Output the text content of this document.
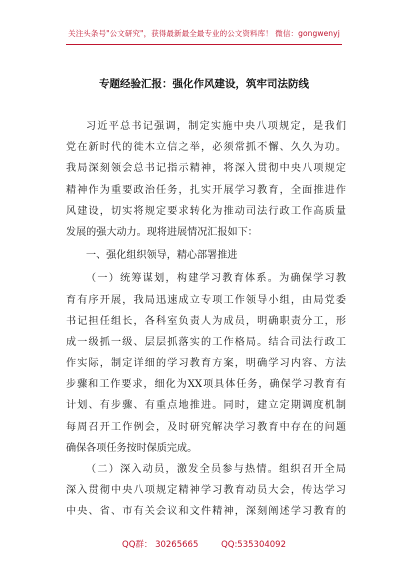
关注头条号"公文研究"，获得最新最全最专业的公文资料库！ 微信：gongwenyj
专题经验汇报：强化作风建设，筑牢司法防线
习近平总书记强调，制定实施中央八项规定，是我们
党在新时代的徙木立信之举，必须常抓不懈、久久为功。
我局深刻领会总书记指示精神，将深入贯彻中央八项规定
精神作为重要政治任务，扎实开展学习教育，全面推进作
风建设，切实将规定要求转化为推动司法行政工作高质量
发展的强大动力。现将进展情况汇报如下：
一、强化组织领导，精心部署推进
（一）统筹谋划，构建学习教育体系。为确保学习教
育有序开展，我局迅速成立专项工作领导小组，由局党委
书记担任组长，各科室负责人为成员，明确职责分工，形
成一级抓一级、层层抓落实的工作格局。结合司法行政工
作实际，制定详细的学习教育方案，明确学习内容、方法
步骤和工作要求，细化为XX项具体任务，确保学习教育有
计划、有步骤、有重点地推进。同时，建立定期调度机制
每周召开工作例会，及时研究解决学习教育中存在的问题
确保各项任务按时保质完成。
（二）深入动员，激发全员参与热情。组织召开全局
深入贯彻中央八项规定精神学习教育动员大会，传达学习
中央、省、市有关会议和文件精神，深刻阐述学习教育的
QQ群： 30265665	QQ:535304092
